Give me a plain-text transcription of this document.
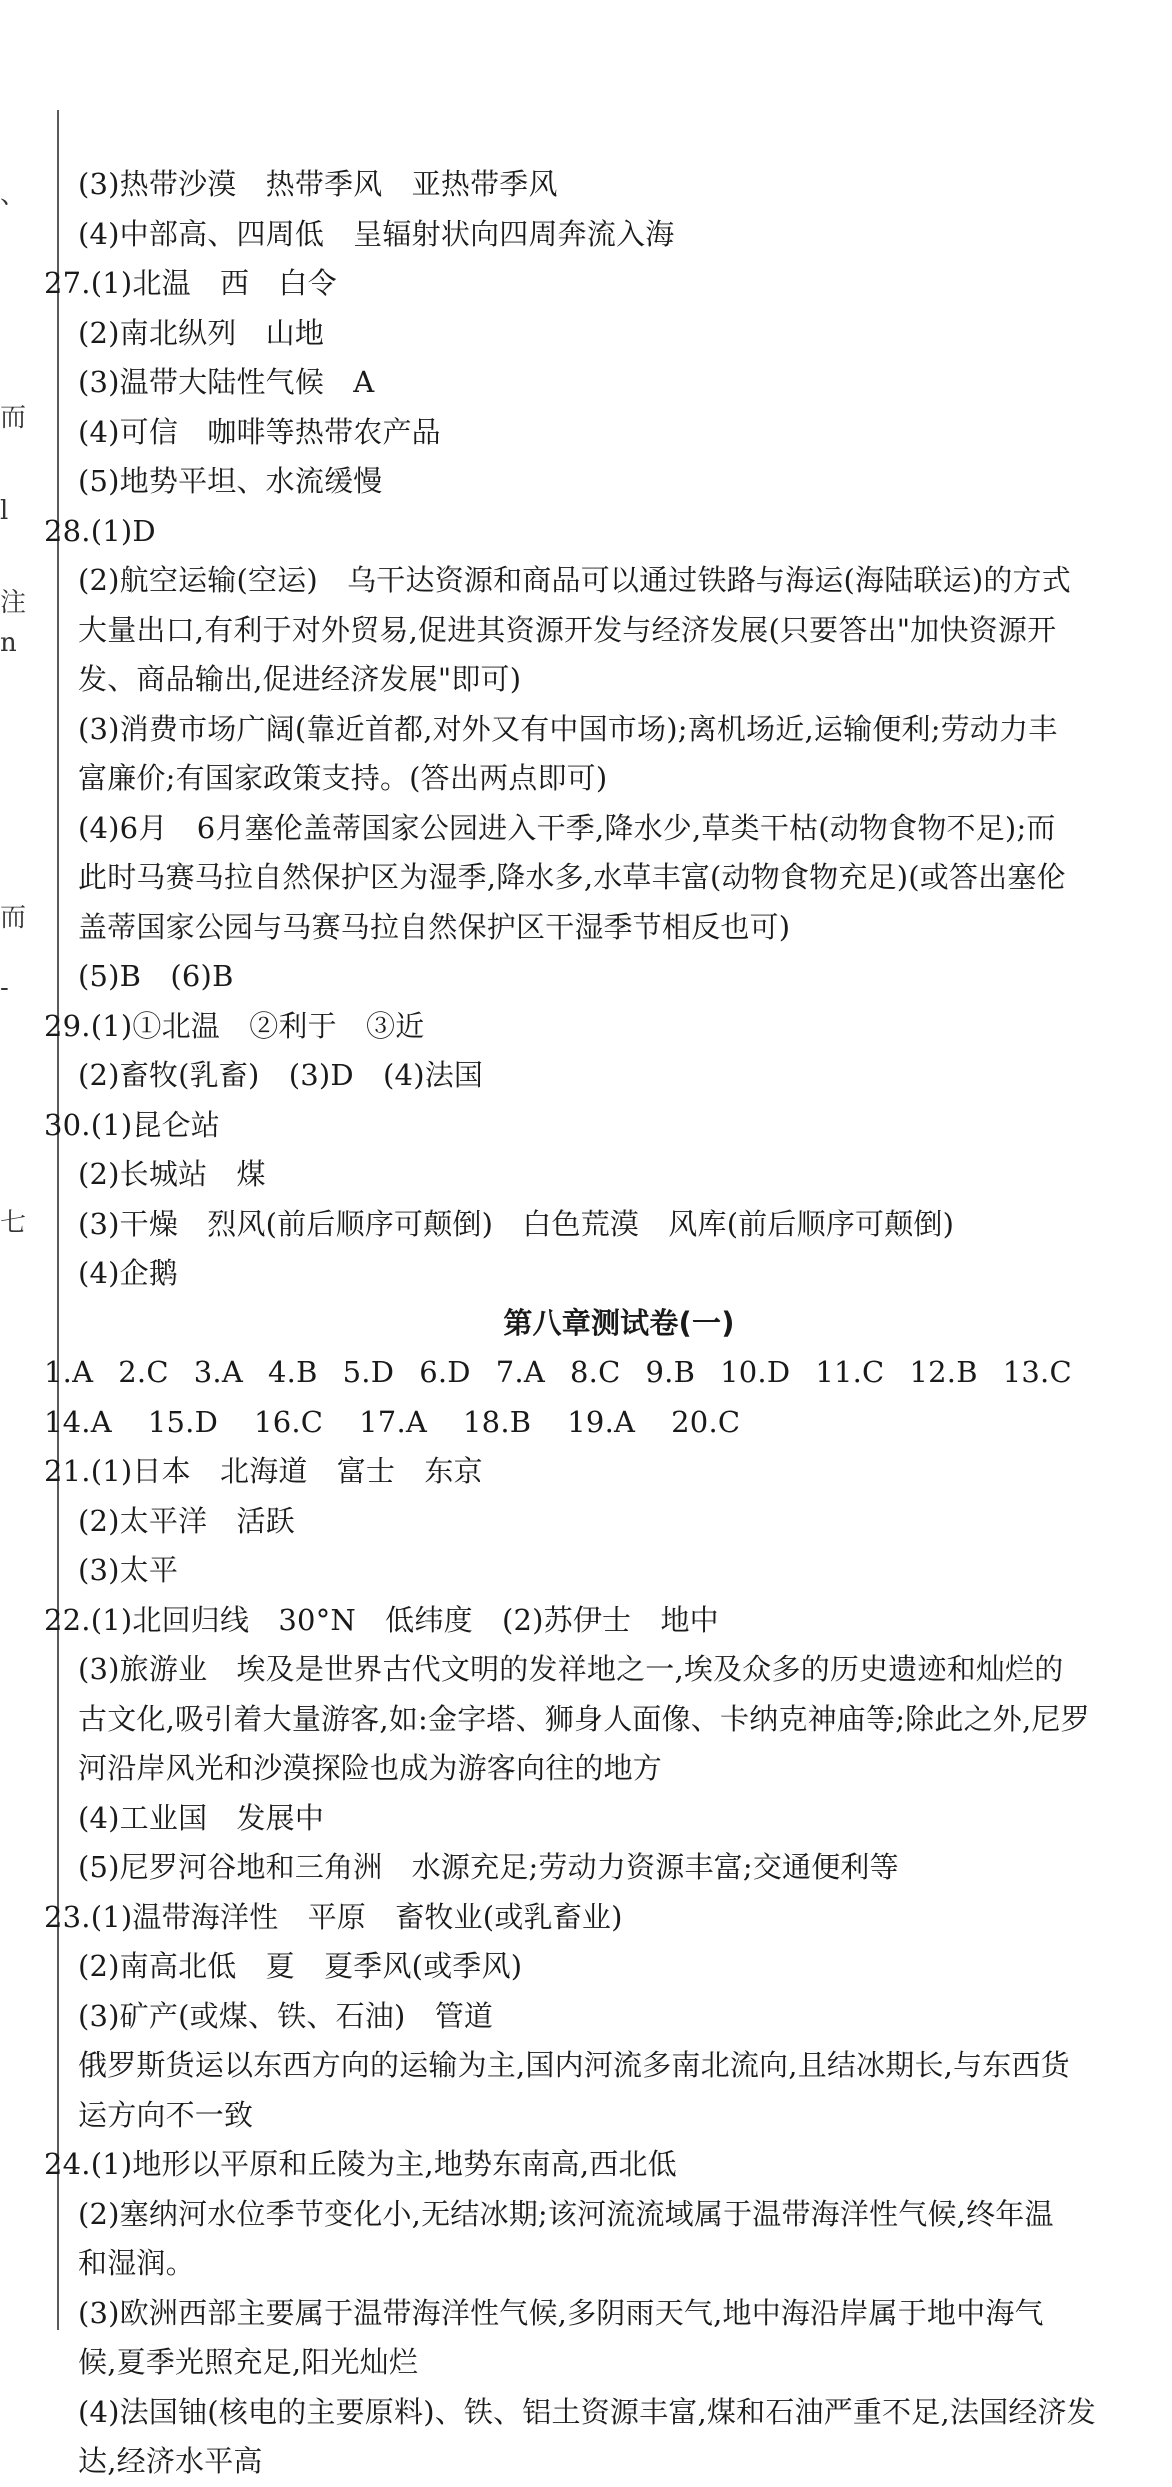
、
而
l
注
n
而
-
七
(3)热带沙漠　热带季风　亚热带季风
(4)中部高、四周低　呈辐射状向四周奔流入海
27.(1)北温　西　白令
(2)南北纵列　山地
(3)温带大陆性气候　A
(4)可信　咖啡等热带农产品
(5)地势平坦、水流缓慢
28.(1)D
(2)航空运输(空运)　乌干达资源和商品可以通过铁路与海运(海陆联运)的方式
大量出口,有利于对外贸易,促进其资源开发与经济发展(只要答出"加快资源开
发、商品输出,促进经济发展"即可)
(3)消费市场广阔(靠近首都,对外又有中国市场);离机场近,运输便利;劳动力丰
富廉价;有国家政策支持。(答出两点即可)
(4)6月　6月塞伦盖蒂国家公园进入干季,降水少,草类干枯(动物食物不足);而
此时马赛马拉自然保护区为湿季,降水多,水草丰富(动物食物充足)(或答出塞伦
盖蒂国家公园与马赛马拉自然保护区干湿季节相反也可)
(5)B　(6)B
29.(1)①北温　②利于　③近
(2)畜牧(乳畜)　(3)D　(4)法国
30.(1)昆仑站
(2)长城站　煤
(3)干燥　烈风(前后顺序可颠倒)　白色荒漠　风库(前后顺序可颠倒)
(4)企鹅
第八章测试卷(一)
1.A 2.C 3.A 4.B 5.D 6.D 7.A 8.C 9.B 10.D 11.C 12.B 13.C
14.A 15.D 16.C 17.A 18.B 19.A 20.C
21.(1)日本　北海道　富士　东京
(2)太平洋　活跃
(3)太平
22.(1)北回归线　30°N　低纬度　(2)苏伊士　地中
(3)旅游业　埃及是世界古代文明的发祥地之一,埃及众多的历史遗迹和灿烂的
古文化,吸引着大量游客,如:金字塔、狮身人面像、卡纳克神庙等;除此之外,尼罗
河沿岸风光和沙漠探险也成为游客向往的地方
(4)工业国　发展中
(5)尼罗河谷地和三角洲　水源充足;劳动力资源丰富;交通便利等
23.(1)温带海洋性　平原　畜牧业(或乳畜业)
(2)南高北低　夏　夏季风(或季风)
(3)矿产(或煤、铁、石油)　管道
俄罗斯货运以东西方向的运输为主,国内河流多南北流向,且结冰期长,与东西货
运方向不一致
24.(1)地形以平原和丘陵为主,地势东南高,西北低
(2)塞纳河水位季节变化小,无结冰期;该河流流域属于温带海洋性气候,终年温
和湿润。
(3)欧洲西部主要属于温带海洋性气候,多阴雨天气,地中海沿岸属于地中海气
候,夏季光照充足,阳光灿烂
(4)法国铀(核电的主要原料)、铁、铝土资源丰富,煤和石油严重不足,法国经济发
达,经济水平高
